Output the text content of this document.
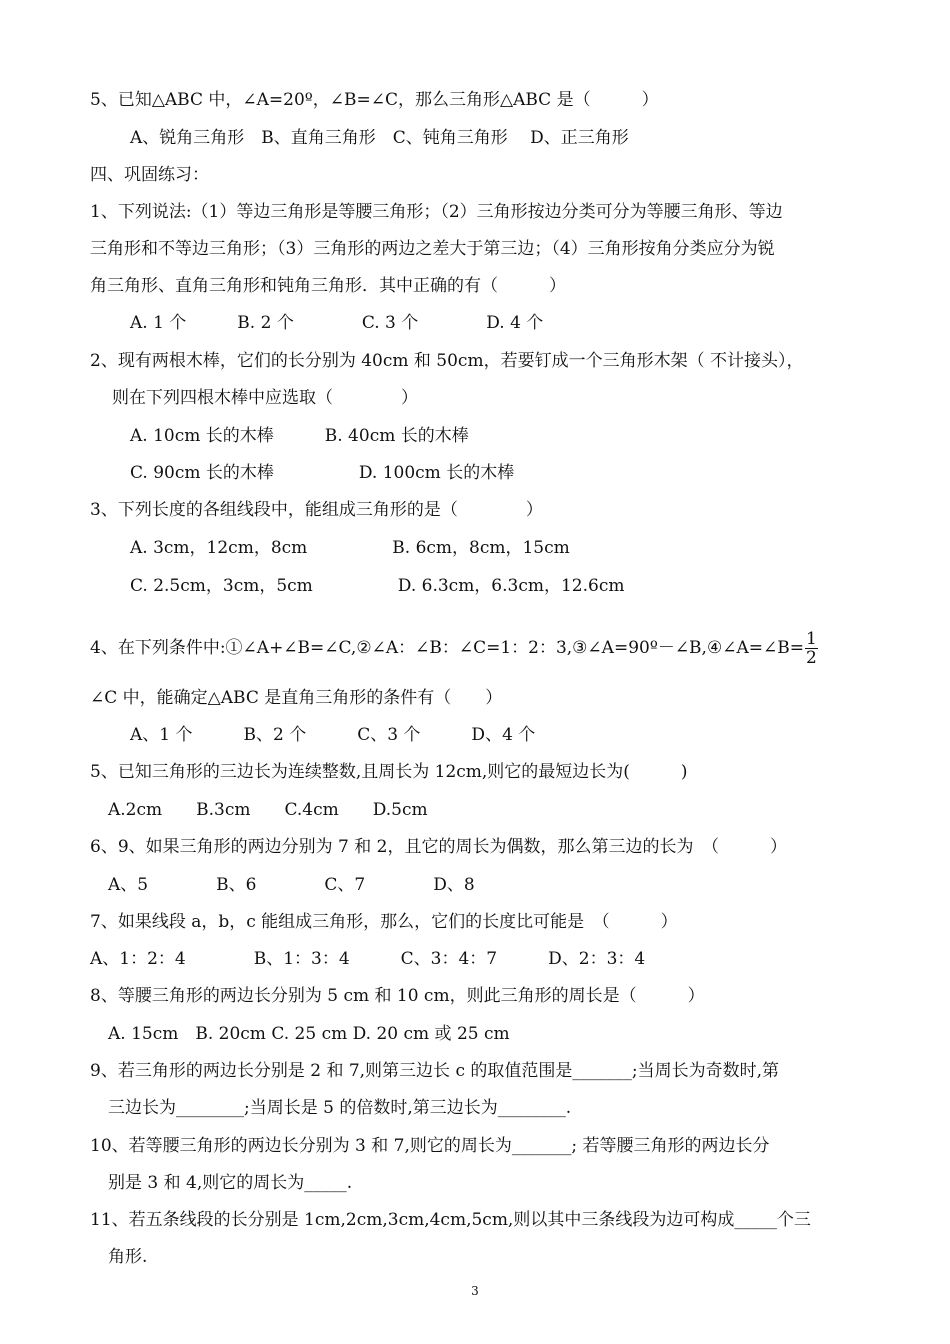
5、已知△ABC 中，∠A=20º，∠B=∠C，那么三角形△ABC 是（　　　）
A、锐角三角形　B、直角三角形　C、钝角三角形　 D、正三角形
四、巩固练习：
1、下列说法:（1）等边三角形是等腰三角形；（2）三角形按边分类可分为等腰三角形、等边
三角形和不等边三角形；（3）三角形的两边之差大于第三边；（4）三角形按角分类应分为锐
角三角形、直角三角形和钝角三角形．其中正确的有（　　　）
A. 1 个　　　B. 2 个　　　　C. 3 个　　　　D. 4 个
2、现有两根木棒，它们的长分别为 40cm 和 50cm，若要钉成一个三角形木架（ 不计接头），
则在下列四根木棒中应选取（　　　　）
A. 10cm 长的木棒　　　B. 40cm 长的木棒
C. 90cm 长的木棒　　　　　D. 100cm 长的木棒
3、下列长度的各组线段中，能组成三角形的是（　　　　）
A. 3cm，12cm，8cm　　　　　B. 6cm，8cm，15cm
C. 2.5cm，3cm，5cm　　　　　D. 6.3cm，6.3cm，12.6cm
4、在下列条件中:①∠A+∠B=∠C,②∠A：∠B：∠C=1：2：3,③∠A=90º－∠B,④∠A=∠B= $\frac{1}{2}$
∠C 中，能确定△ABC 是直角三角形的条件有（　　）
A、1 个　　　B、2 个　　　C、3 个　　　D、4 个
5、已知三角形的三边长为连续整数,且周长为 12cm,则它的最短边长为(　　　)
A.2cm　　B.3cm　　C.4cm　　D.5cm
6、9、如果三角形的两边分别为 7 和 2，且它的周长为偶数，那么第三边的长为　（　　　）
A、5　　　　B、6　　　　C、7　　　　D、8
7、如果线段 a，b，c 能组成三角形，那么，它们的长度比可能是　（　　　）
A、1：2：4　　　　B、1：3：4　　　C、3：4：7　　　D、2：3：4
8、等腰三角形的两边长分别为 5 cm 和 10 cm，则此三角形的周长是（　　　）
A. 15cm　B. 20cm C. 25 cm D. 20 cm 或 25 cm
9、若三角形的两边长分别是 2 和 7,则第三边长 c 的取值范围是_______;当周长为奇数时,第
三边长为________;当周长是 5 的倍数时,第三边长为________.
10、若等腰三角形的两边长分别为 3 和 7,则它的周长为_______; 若等腰三角形的两边长分
别是 3 和 4,则它的周长为_____.
11、若五条线段的长分别是 1cm,2cm,3cm,4cm,5cm,则以其中三条线段为边可构成_____个三
角形.
3
